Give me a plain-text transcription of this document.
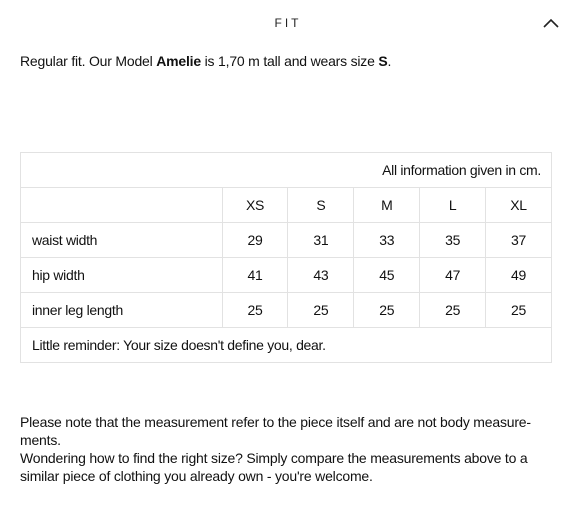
FIT
Regular fit. Our Model Amelie is 1,70 m tall and wears size S.
All information given in cm.					
	XS	S	M	L	XL
waist width	29	31	33	35	37
hip width	41	43	45	47	49
inner leg length	25	25	25	25	25
Little reminder: Your size doesn't define you, dear.					

Please note that the measurement refer to the piece itself and are not body measure-ments.

Wondering how to find the right size? Simply compare the measurements above to a similar piece of clothing you already own - you're welcome.
